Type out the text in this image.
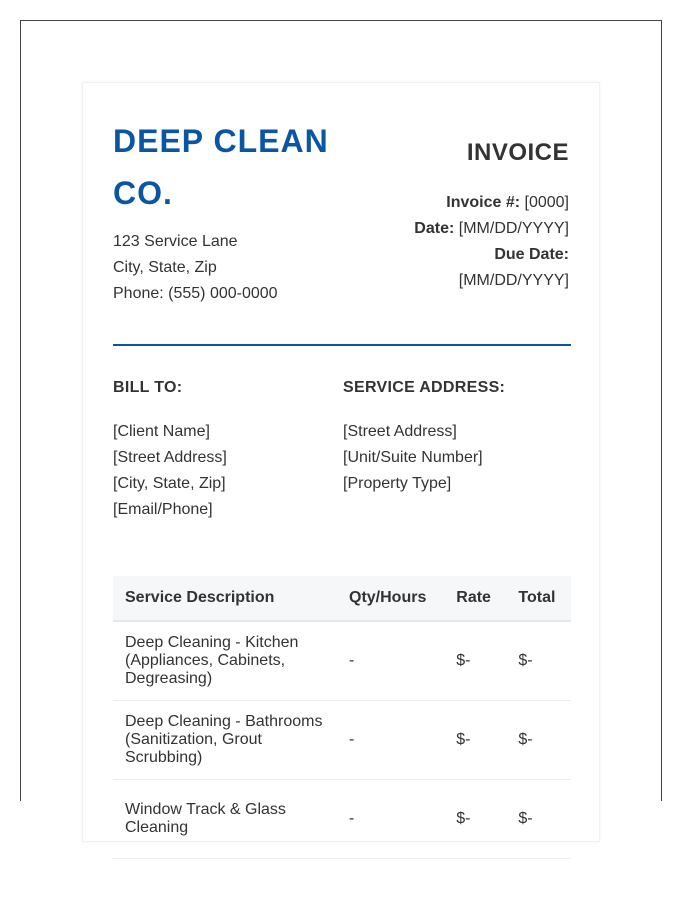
DEEP CLEAN CO.
123 Service Lane
City, State, Zip
Phone: (555) 000-0000
INVOICE
Invoice #: [0000]
Date: [MM/DD/YYYY]
Due Date:
[MM/DD/YYYY]
BILL TO:	SERVICE ADDRESS:
[Client Name]
[Street Address]
[City, State, Zip]
[Email/Phone]
[Street Address]
[Unit/Suite Number]
[Property Type]
Service Description	Qty/Hours	Rate	Total
Deep Cleaning - Kitchen (Appliances, Cabinets, Degreasing)	-	$-	$-
Deep Cleaning - Bathrooms (Sanitization, Grout Scrubbing)	-	$-	$-
Window Track & Glass Cleaning	-	$-	$-
